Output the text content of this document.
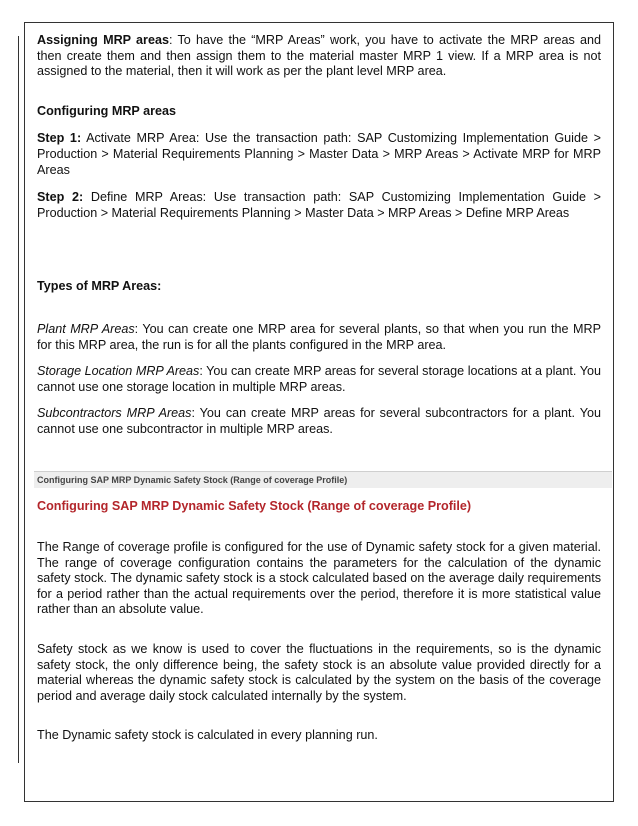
Assigning MRP areas: To have the “MRP Areas” work, you have to activate the MRP areas and then create them and then assign them to the material master MRP 1 view. If a MRP area is not assigned to the material, then it will work as per the plant level MRP area.

Configuring MRP areas

Step 1: Activate MRP Area: Use the transaction path: SAP Customizing Implementation Guide > Production > Material Requirements Planning > Master Data > MRP Areas > Activate MRP for MRP Areas

Step 2: Define MRP Areas: Use transaction path: SAP Customizing Implementation Guide > Production > Material Requirements Planning > Master Data > MRP Areas > Define MRP Areas

Types of MRP Areas:

Plant MRP Areas: You can create one MRP area for several plants, so that when you run the MRP for this MRP area, the run is for all the plants configured in the MRP area.

Storage Location MRP Areas: You can create MRP areas for several storage locations at a plant. You cannot use one storage location in multiple MRP areas.

Subcontractors MRP Areas: You can create MRP areas for several subcontractors for a plant. You cannot use one subcontractor in multiple MRP areas.

Configuring SAP MRP Dynamic Safety Stock (Range of coverage Profile)

Configuring SAP MRP Dynamic Safety Stock (Range of coverage Profile)

The Range of coverage profile is configured for the use of Dynamic safety stock for a given material. The range of coverage configuration contains the parameters for the calculation of the dynamic safety stock. The dynamic safety stock is a stock calculated based on the average daily requirements for a period rather than the actual requirements over the period, therefore it is more statistical value rather than an absolute value.

Safety stock as we know is used to cover the fluctuations in the requirements, so is the dynamic safety stock, the only difference being, the safety stock is an absolute value provided directly for a material whereas the dynamic safety stock is calculated by the system on the basis of the coverage period and average daily stock calculated internally by the system.

The Dynamic safety stock is calculated in every planning run.
